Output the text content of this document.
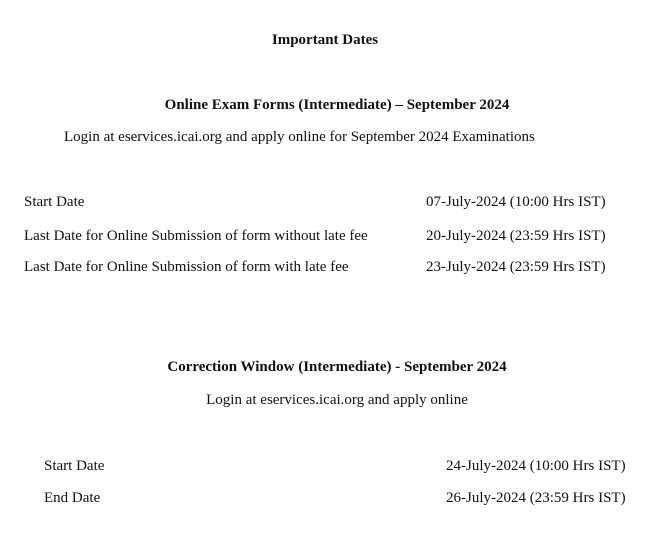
Important Dates
Online Exam Forms (Intermediate) – September 2024
Login at eservices.icai.org and apply online for September 2024 Examinations
Start Date	07-July-2024 (10:00 Hrs IST)
Last Date for Online Submission of form without late fee	20-July-2024 (23:59 Hrs IST)
Last Date for Online Submission of form with late fee	23-July-2024 (23:59 Hrs IST)
Correction Window (Intermediate) - September 2024
Login at eservices.icai.org and apply online
Start Date	24-July-2024 (10:00 Hrs IST)
End Date	26-July-2024 (23:59 Hrs IST)
